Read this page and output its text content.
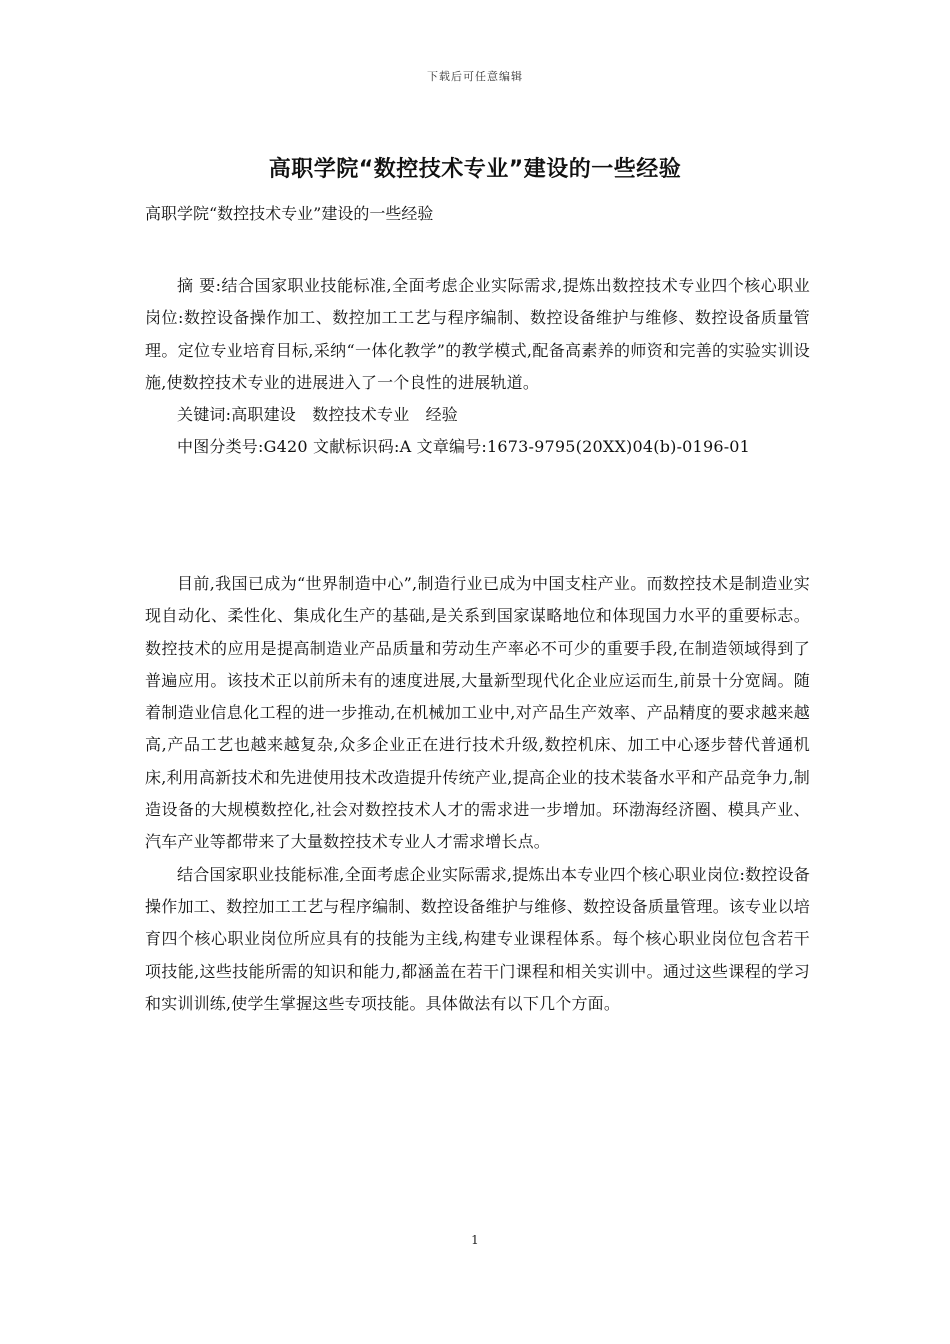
下载后可任意编辑
高职学院“数控技术专业”建设的一些经验

高职学院“数控技术专业”建设的一些经验

摘 要:结合国家职业技能标准,全面考虑企业实际需求,提炼出数控技术专业四个核心职业岗位:数控设备操作加工、数控加工工艺与程序编制、数控设备维护与维修、数控设备质量管理。定位专业培育目标,采纳“一体化教学”的教学模式,配备高素养的师资和完善的实验实训设施,使数控技术专业的进展进入了一个良性的进展轨道。

关键词:高职建设　数控技术专业　经验
中图分类号:G420 文献标识码:A 文章编号:1673-9795(20XX)04(b)-0196-01

目前,我国已成为“世界制造中心”,制造行业已成为中国支柱产业。而数控技术是制造业实现自动化、柔性化、集成化生产的基础,是关系到国家谋略地位和体现国力水平的重要标志。数控技术的应用是提高制造业产品质量和劳动生产率必不可少的重要手段,在制造领域得到了普遍应用。该技术正以前所未有的速度进展,大量新型现代化企业应运而生,前景十分宽阔。随着制造业信息化工程的进一步推动,在机械加工业中,对产品生产效率、产品精度的要求越来越高,产品工艺也越来越复杂,众多企业正在进行技术升级,数控机床、加工中心逐步替代普通机床,利用高新技术和先进使用技术改造提升传统产业,提高企业的技术装备水平和产品竞争力,制造设备的大规模数控化,社会对数控技术人才的需求进一步增加。环渤海经济圈、模具产业、汽车产业等都带来了大量数控技术专业人才需求增长点。

结合国家职业技能标准,全面考虑企业实际需求,提炼出本专业四个核心职业岗位:数控设备操作加工、数控加工工艺与程序编制、数控设备维护与维修、数控设备质量管理。该专业以培育四个核心职业岗位所应具有的技能为主线,构建专业课程体系。每个核心职业岗位包含若干项技能,这些技能所需的知识和能力,都涵盖在若干门课程和相关实训中。通过这些课程的学习和实训训练,使学生掌握这些专项技能。具体做法有以下几个方面。

1
